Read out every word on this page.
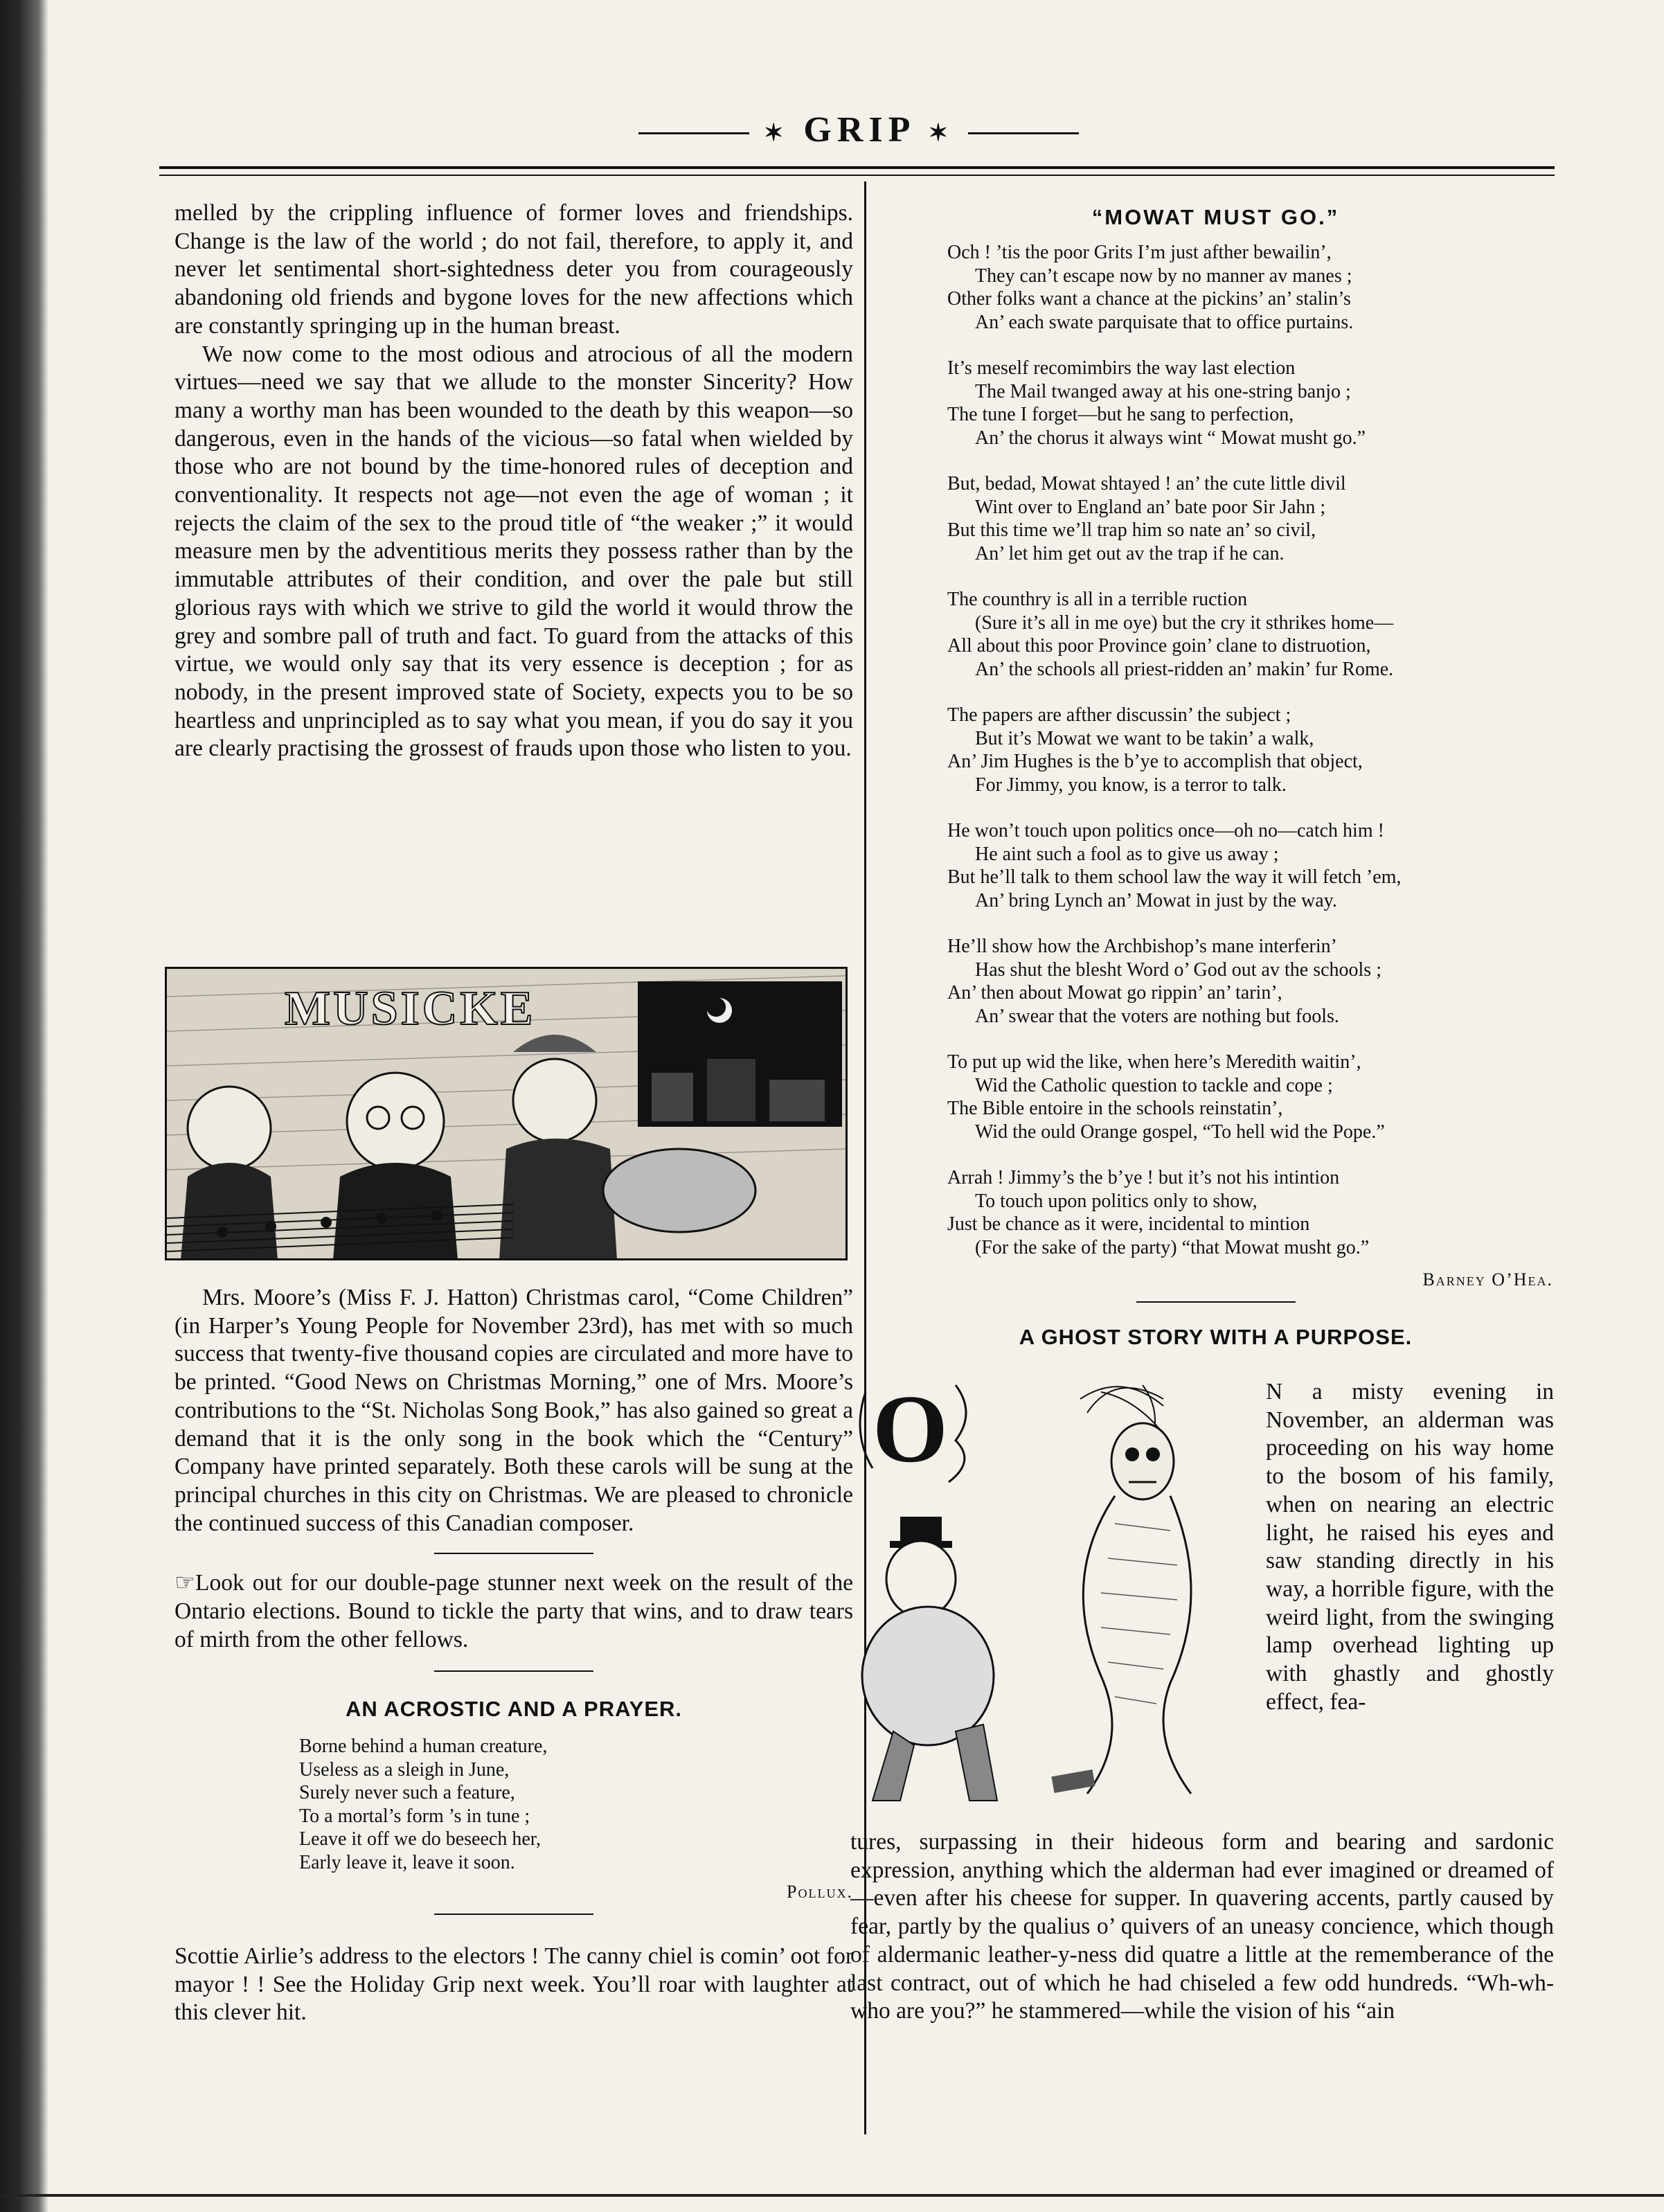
✶ GRIP ✶

melled by the crippling influence of former loves and friendships. Change is the law of the world ; do not fail, therefore, to apply it, and never let sentimental short-sightedness deter you from courageously abandoning old friends and bygone loves for the new affections which are constantly springing up in the human breast.

We now come to the most odious and atrocious of all the modern virtues—need we say that we allude to the monster Sincerity? How many a worthy man has been wounded to the death by this weapon—so dangerous, even in the hands of the vicious—so fatal when wielded by those who are not bound by the time-honored rules of deception and conventionality. It respects not age—not even the age of woman ; it rejects the claim of the sex to the proud title of “the weaker ;” it would measure men by the adventitious merits they possess rather than by the immutable attributes of their condition, and over the pale but still glorious rays with which we strive to gild the world it would throw the grey and sombre pall of truth and fact. To guard from the attacks of this virtue, we would only say that its very essence is deception ; for as nobody, in the present improved state of Society, expects you to be so heartless and unprincipled as to say what you mean, if you do say it you are clearly practising the grossest of frauds upon those who listen to you.

MUSICKE

Mrs. Moore’s (Miss F. J. Hatton) Christmas carol, “Come Children” (in Harper’s Young People for November 23rd), has met with so much success that twenty-five thousand copies are circulated and more have to be printed. “Good News on Christmas Morning,” one of Mrs. Moore’s contributions to the “St. Nicholas Song Book,” has also gained so great a demand that it is the only song in the book which the “Century” Company have printed separately. Both these carols will be sung at the principal churches in this city on Christmas. We are pleased to chronicle the continued success of this Canadian composer.

☞Look out for our double-page stunner next week on the result of the Ontario elections. Bound to tickle the party that wins, and to draw tears of mirth from the other fellows.

AN ACROSTIC AND A PRAYER.
Borne behind a human creature,
Useless as a sleigh in June,
Surely never such a feature,
To a mortal’s form ’s in tune ;
Leave it off we do beseech her,
Early leave it, leave it soon.
Pollux.

Scottie Airlie’s address to the electors ! The canny chiel is comin’ oot for mayor ! ! See the Holiday Grip next week. You’ll roar with laughter at this clever hit.

“MOWAT MUST GO.”
Och ! ’tis the poor Grits I’m just afther bewailin’,
They can’t escape now by no manner av manes ;
Other folks want a chance at the pickins’ an’ stalin’s
An’ each swate parquisate that to office purtains.
It’s meself recomimbirs the way last election
The Mail twanged away at his one-string banjo ;
The tune I forget—but he sang to perfection,
An’ the chorus it always wint “ Mowat musht go.”
But, bedad, Mowat shtayed ! an’ the cute little divil
Wint over to England an’ bate poor Sir Jahn ;
But this time we’ll trap him so nate an’ so civil,
An’ let him get out av the trap if he can.
The counthry is all in a terrible ruction
(Sure it’s all in me oye) but the cry it sthrikes home—
All about this poor Province goin’ clane to distruotion,
An’ the schools all priest-ridden an’ makin’ fur Rome.
The papers are afther discussin’ the subject ;
But it’s Mowat we want to be takin’ a walk,
An’ Jim Hughes is the b’ye to accomplish that object,
For Jimmy, you know, is a terror to talk.
He won’t touch upon politics once—oh no—catch him !
He aint such a fool as to give us away ;
But he’ll talk to them school law the way it will fetch ’em,
An’ bring Lynch an’ Mowat in just by the way.
He’ll show how the Archbishop’s mane interferin’
Has shut the blesht Word o’ God out av the schools ;
An’ then about Mowat go rippin’ an’ tarin’,
An’ swear that the voters are nothing but fools.
To put up wid the like, when here’s Meredith waitin’,
Wid the Catholic question to tackle and cope ;
The Bible entoire in the schools reinstatin’,
Wid the ould Orange gospel, “To hell wid the Pope.”
Arrah ! Jimmy’s the b’ye ! but it’s not his intintion
To touch upon politics only to show,
Just be chance as it were, incidental to mintion
(For the sake of the party) “that Mowat musht go.”
Barney O’Hea.
A GHOST STORY WITH A PURPOSE.
O	N a misty evening in November, an alderman was proceeding on his way home to the bosom of his family, when on nearing an electric light, he raised his eyes and saw standing directly in his way, a horrible figure, with the weird light, from the swinging lamp overhead lighting up with ghastly and ghostly effect, fea-

tures, surpassing in their hideous form and bearing and sardonic expression, anything which the alderman had ever imagined or dreamed of—even after his cheese for supper. In quavering accents, partly caused by fear, partly by the qualius o’ quivers of an uneasy concience, which though of aldermanic leather-y-ness did quatre a little at the rememberance of the last contract, out of which he had chiseled a few odd hundreds. “Wh-wh-who are you?” he stammered—while the vision of his “ain
